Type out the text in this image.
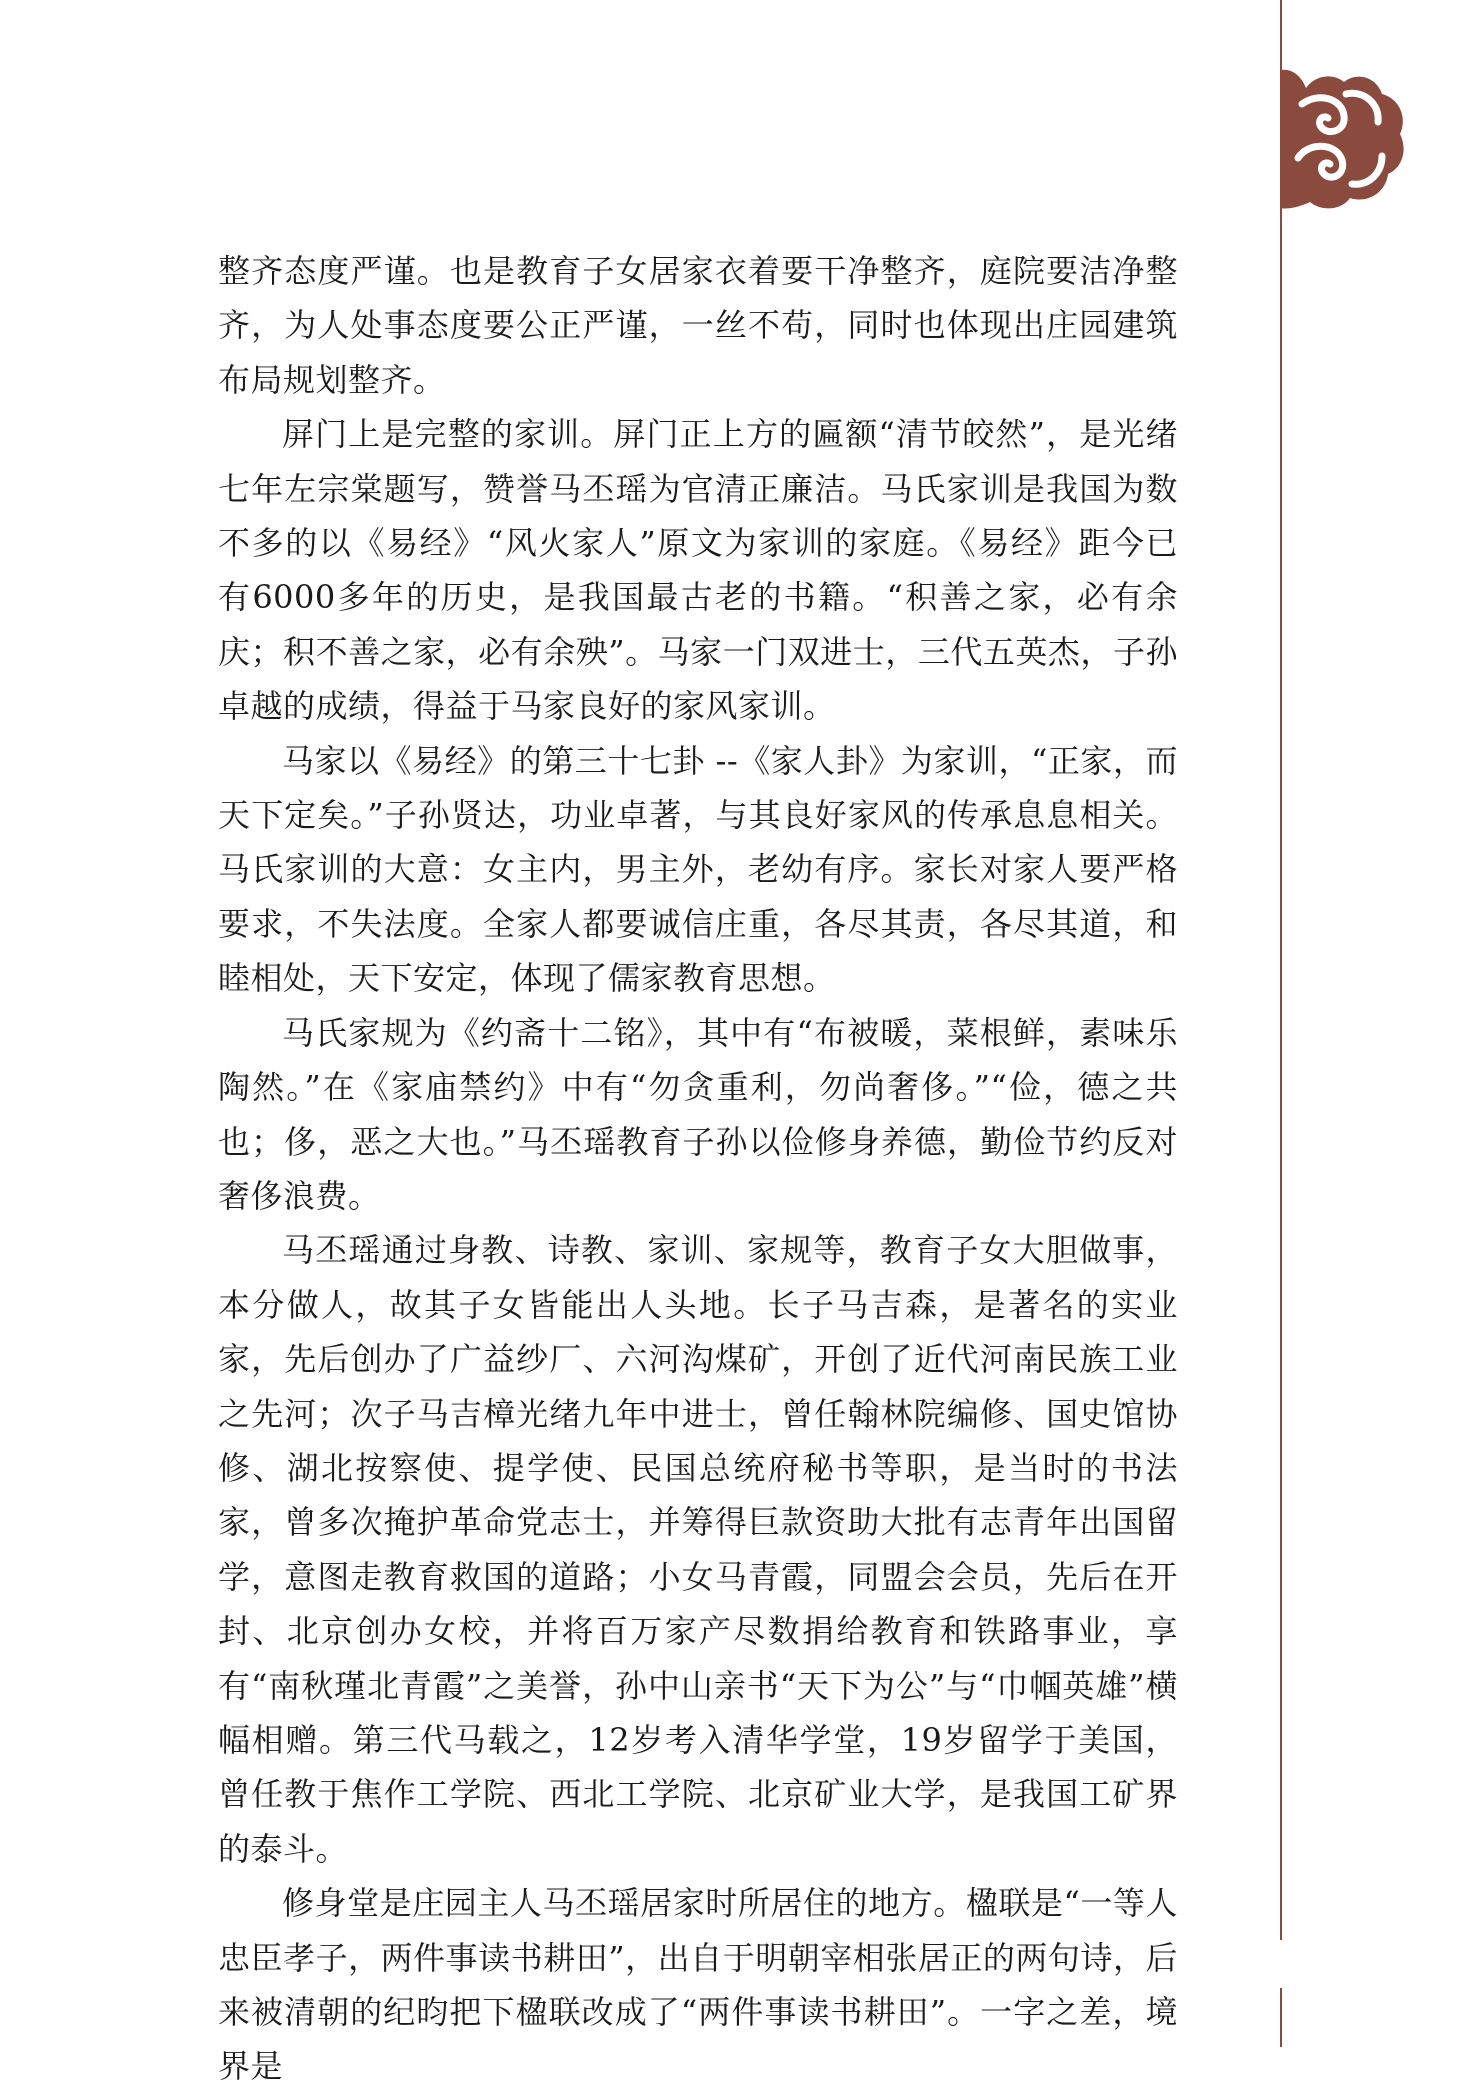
整齐态度严谨。也是教育子女居家衣着要干净整齐，庭院要洁净整齐，为人处事态度要公正严谨，一丝不苟，同时也体现出庄园建筑布局规划整齐。

屏门上是完整的家训。屏门正上方的匾额“清节皎然”，是光绪七年左宗棠题写，赞誉马丕瑶为官清正廉洁。马氏家训是我国为数不多的以《易经》“风火家人”原文为家训的家庭。《易经》距今已有6000多年的历史，是我国最古老的书籍。“积善之家，必有余庆；积不善之家，必有余殃”。马家一门双进士，三代五英杰，子孙卓越的成绩，得益于马家良好的家风家训。

马家以《易经》的第三十七卦 --《家人卦》为家训，“正家，而天下定矣。”子孙贤达，功业卓著，与其良好家风的传承息息相关。马氏家训的大意：女主内，男主外，老幼有序。家长对家人要严格要求，不失法度。全家人都要诚信庄重，各尽其责，各尽其道，和睦相处，天下安定，体现了儒家教育思想。

马氏家规为《约斋十二铭》，其中有“布被暖，菜根鲜，素味乐陶然。”在《家庙禁约》中有“勿贪重利，勿尚奢侈。”“俭，德之共也；侈，恶之大也。”马丕瑶教育子孙以俭修身养德，勤俭节约反对奢侈浪费。

马丕瑶通过身教、诗教、家训、家规等，教育子女大胆做事，本分做人，故其子女皆能出人头地。长子马吉森，是著名的实业家，先后创办了广益纱厂、六河沟煤矿，开创了近代河南民族工业之先河；次子马吉樟光绪九年中进士，曾任翰林院编修、国史馆协修、湖北按察使、提学使、民国总统府秘书等职，是当时的书法家，曾多次掩护革命党志士，并筹得巨款资助大批有志青年出国留学，意图走教育救国的道路；小女马青霞，同盟会会员，先后在开封、北京创办女校，并将百万家产尽数捐给教育和铁路事业，享有“南秋瑾北青霞”之美誉，孙中山亲书“天下为公”与“巾帼英雄”横幅相赠。第三代马载之，12岁考入清华学堂，19岁留学于美国，曾任教于焦作工学院、西北工学院、北京矿业大学，是我国工矿界的泰斗。

修身堂是庄园主人马丕瑶居家时所居住的地方。楹联是“一等人忠臣孝子，两件事读书耕田”，出自于明朝宰相张居正的两句诗，后来被清朝的纪昀把下楹联改成了“两件事读书耕田”。一字之差，境界是
